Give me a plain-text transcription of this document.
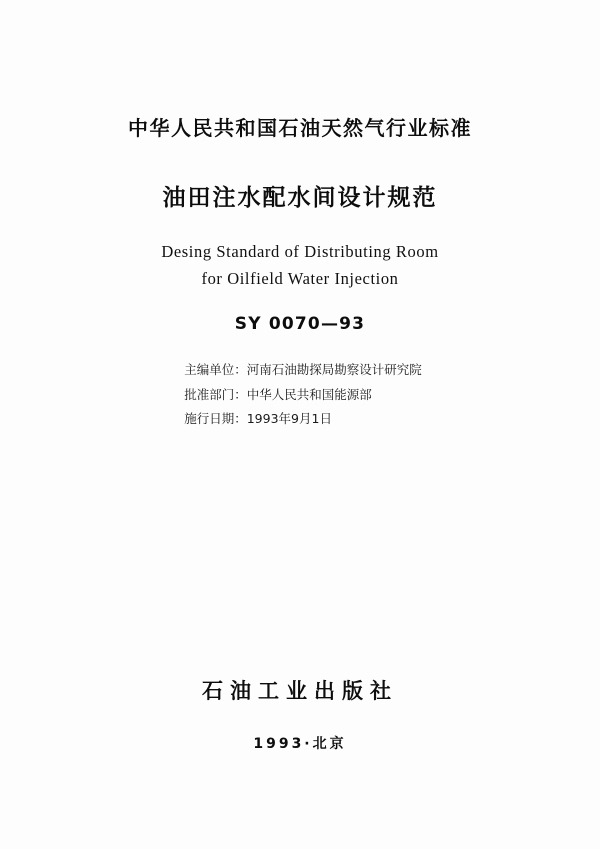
中华人民共和国石油天然气行业标准
油田注水配水间设计规范
Desing Standard of Distributing Room
for Oilfield Water Injection
SY 0070—93
主编单位：河南石油勘探局勘察设计研究院
批准部门：中华人民共和国能源部
施行日期：1993年9月1日
石油工业出版社
1993·北京
